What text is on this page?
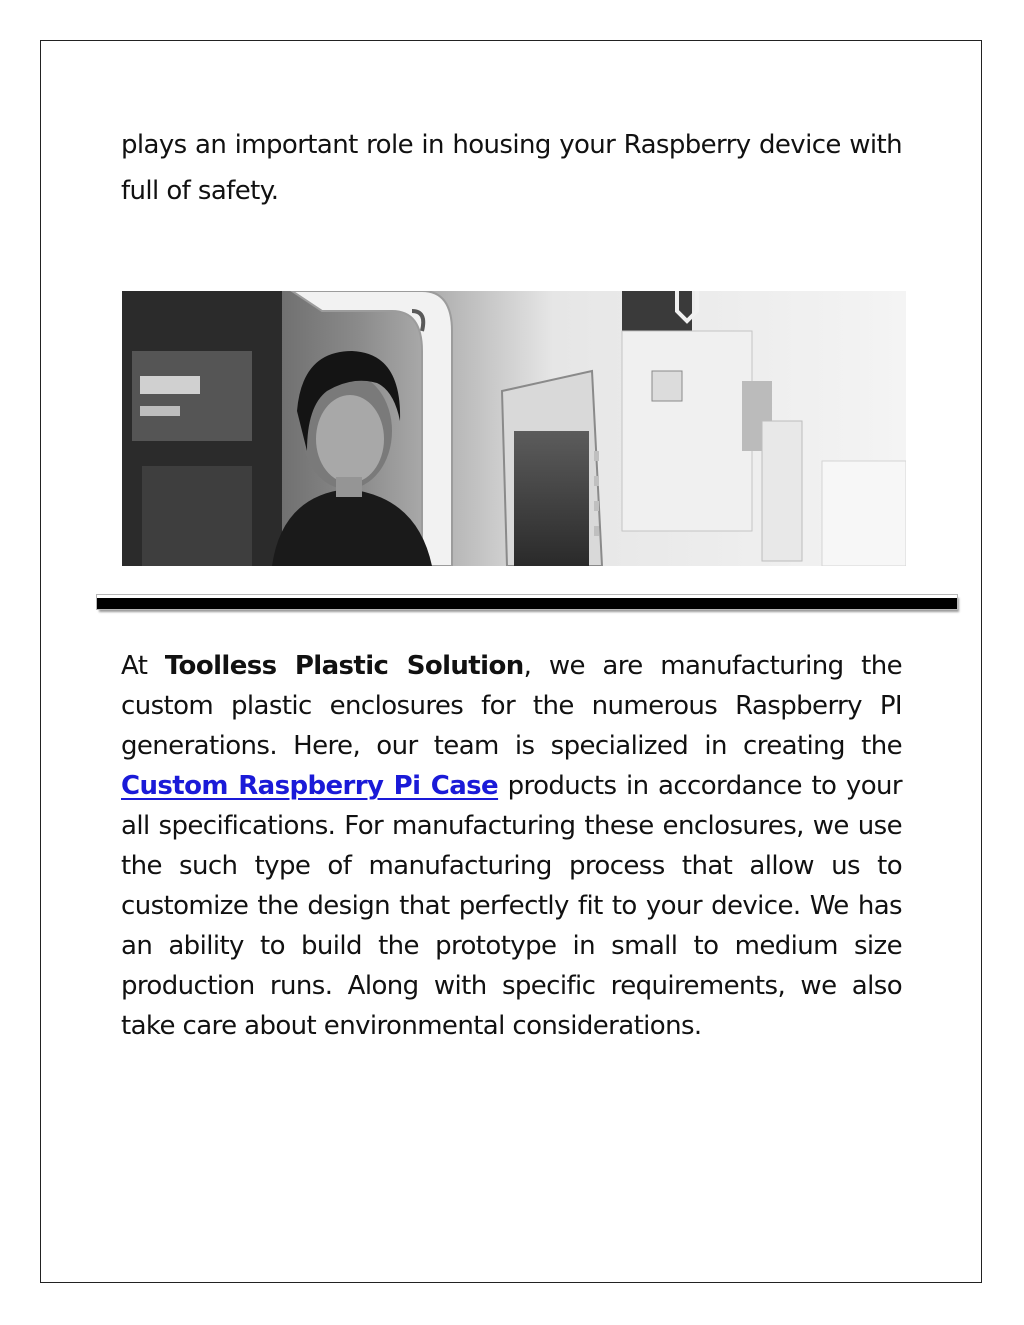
plays an important role in housing your Raspberry device with full of safety.

At Toolless Plastic Solution, we are manufacturing the custom plastic enclosures for the numerous Raspberry PI generations. Here, our team is specialized in creating the Custom Raspberry Pi Case products in accordance to your all specifications. For manufacturing these enclosures, we use the such type of manufacturing process that allow us to customize the design that perfectly fit to your device. We has an ability to build the prototype in small to medium size production runs. Along with specific requirements, we also take care about environmental considerations.
